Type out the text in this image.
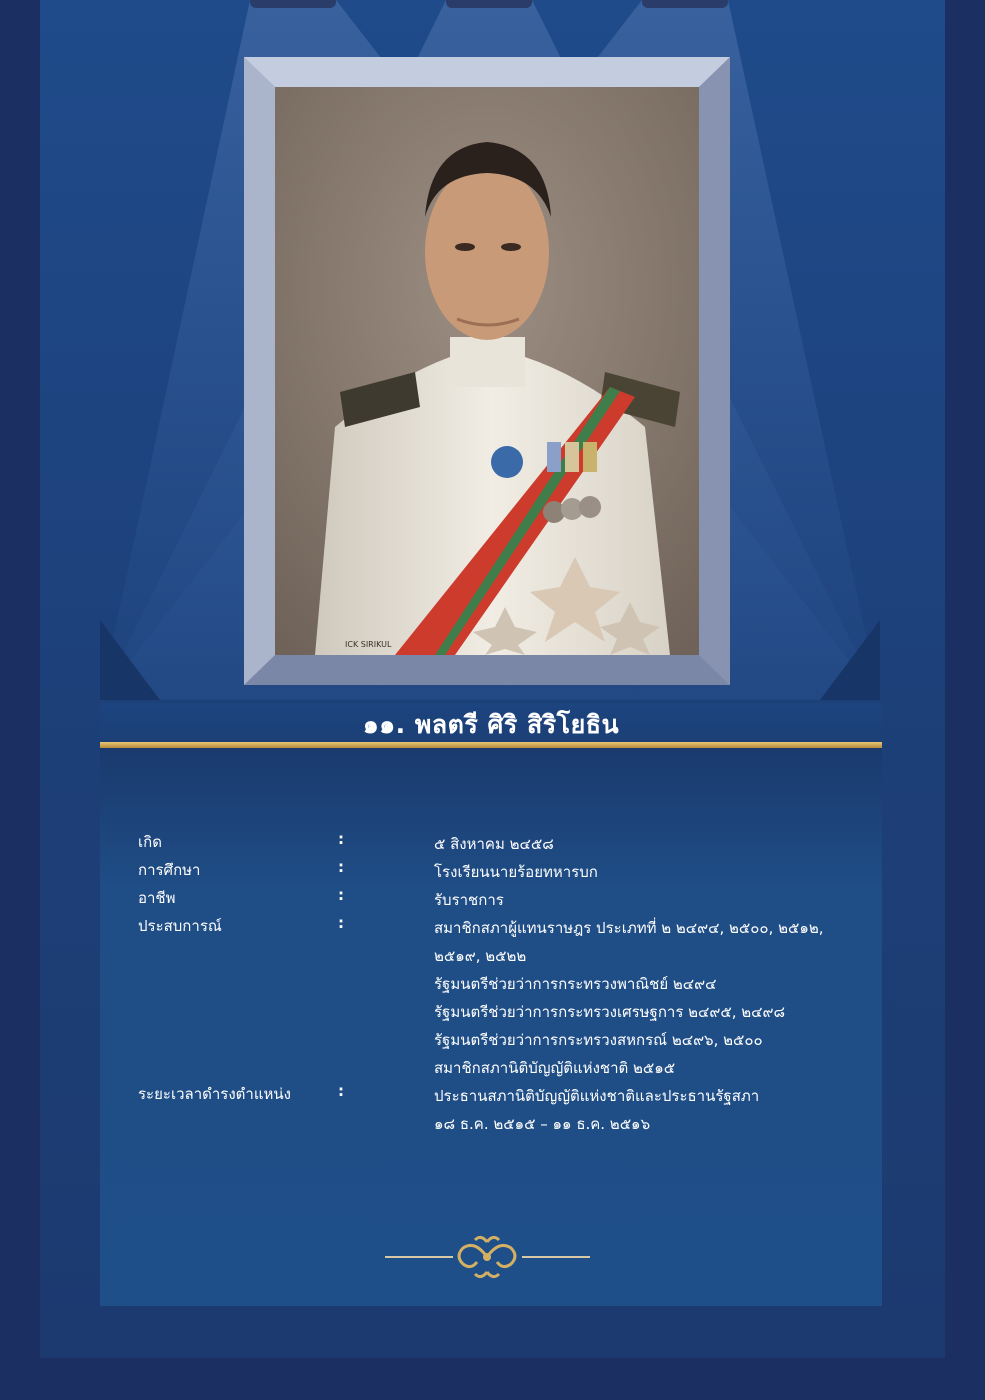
ICK SIRIKUL
๑๑. พลตรี ศิริ สิริโยธิน
เกิด	:	๕ สิงหาคม ๒๔๕๘
การศึกษา	:	โรงเรียนนายร้อยทหารบก
อาชีพ	:	รับราชการ
ประสบการณ์	:	สมาชิกสภาผู้แทนราษฎร ประเภทที่ ๒ ๒๔๙๔, ๒๕๐๐, ๒๕๑๒,
๒๕๑๙, ๒๕๒๒
รัฐมนตรีช่วยว่าการกระทรวงพาณิชย์ ๒๔๙๔
รัฐมนตรีช่วยว่าการกระทรวงเศรษฐการ ๒๔๙๕, ๒๔๙๘
รัฐมนตรีช่วยว่าการกระทรวงสหกรณ์ ๒๔๙๖, ๒๕๐๐
สมาชิกสภานิติบัญญัติแห่งชาติ ๒๕๑๕
ระยะเวลาดำรงตำแหน่ง	:	ประธานสภานิติบัญญัติแห่งชาติและประธานรัฐสภา
๑๘ ธ.ค. ๒๕๑๕ – ๑๑ ธ.ค. ๒๕๑๖
